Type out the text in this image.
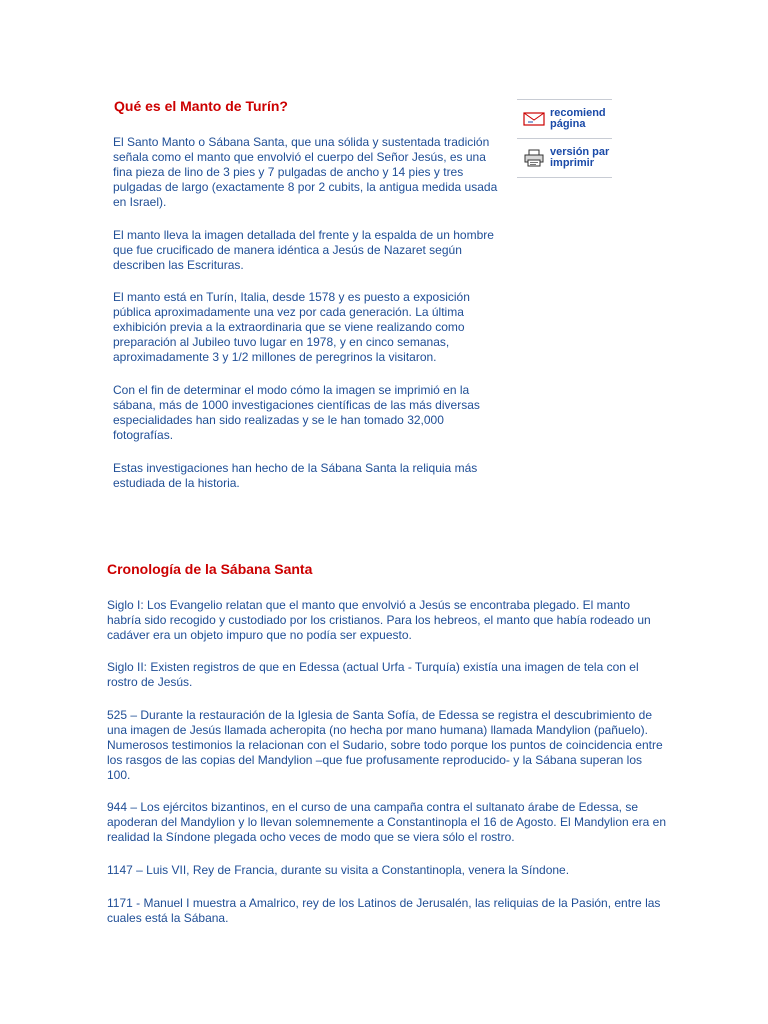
Qué es el Manto de Turín?

El Santo Manto o Sábana Santa, que una sólida y sustentada tradición señala como el manto que envolvió el cuerpo del Señor Jesús, es una fina pieza de lino de 3 pies y 7 pulgadas de ancho y 14 pies y tres pulgadas de largo (exactamente 8 por 2 cubits, la antigua medida usada en Israel).

El manto lleva la imagen detallada del frente y la espalda de un hombre que fue crucificado de manera idéntica a Jesús de Nazaret según describen las Escrituras.

El manto está en Turín, Italia, desde 1578 y es puesto a exposición pública aproximadamente una vez por cada generación. La última exhibición previa a la extraordinaria que se viene realizando como preparación al Jubileo tuvo lugar en 1978, y en cinco semanas, aproximadamente 3 y 1/2 millones de peregrinos la visitaron.

Con el fin de determinar el modo cómo la imagen se imprimió en la sábana, más de 1000 investigaciones científicas de las más diversas especialidades han sido realizadas y se le han tomado 32,000 fotografías.

Estas investigaciones han hecho de la Sábana Santa la reliquia más estudiada de la historia.

recomiend
página
versión par
imprimir
Cronología de la Sábana Santa

Siglo I: Los Evangelio relatan que el manto que envolvió a Jesús se encontraba plegado. El manto habría sido recogido y custodiado por los cristianos. Para los hebreos, el manto que había rodeado un cadáver era un objeto impuro que no podía ser expuesto.

Siglo II: Existen registros de que en Edessa (actual Urfa - Turquía) existía una imagen de tela con el rostro de Jesús.

525 – Durante la restauración de la Iglesia de Santa Sofía, de Edessa se registra el descubrimiento de una imagen de Jesús llamada acheropita (no hecha por mano humana) llamada Mandylion (pañuelo). Numerosos testimonios la relacionan con el Sudario, sobre todo porque los puntos de coincidencia entre los rasgos de las copias del Mandylion –que fue profusamente reproducido- y la Sábana superan los 100.

944 – Los ejércitos bizantinos, en el curso de una campaña contra el sultanato árabe de Edessa, se apoderan del Mandylion y lo llevan solemnemente a Constantinopla el 16 de Agosto. El Mandylion era en realidad la Síndone plegada ocho veces de modo que se viera sólo el rostro.

1147 – Luis VII, Rey de Francia, durante su visita a Constantinopla, venera la Síndone.

1171 - Manuel I muestra a Amalrico, rey de los Latinos de Jerusalén, las reliquias de la Pasión, entre las cuales está la Sábana.
